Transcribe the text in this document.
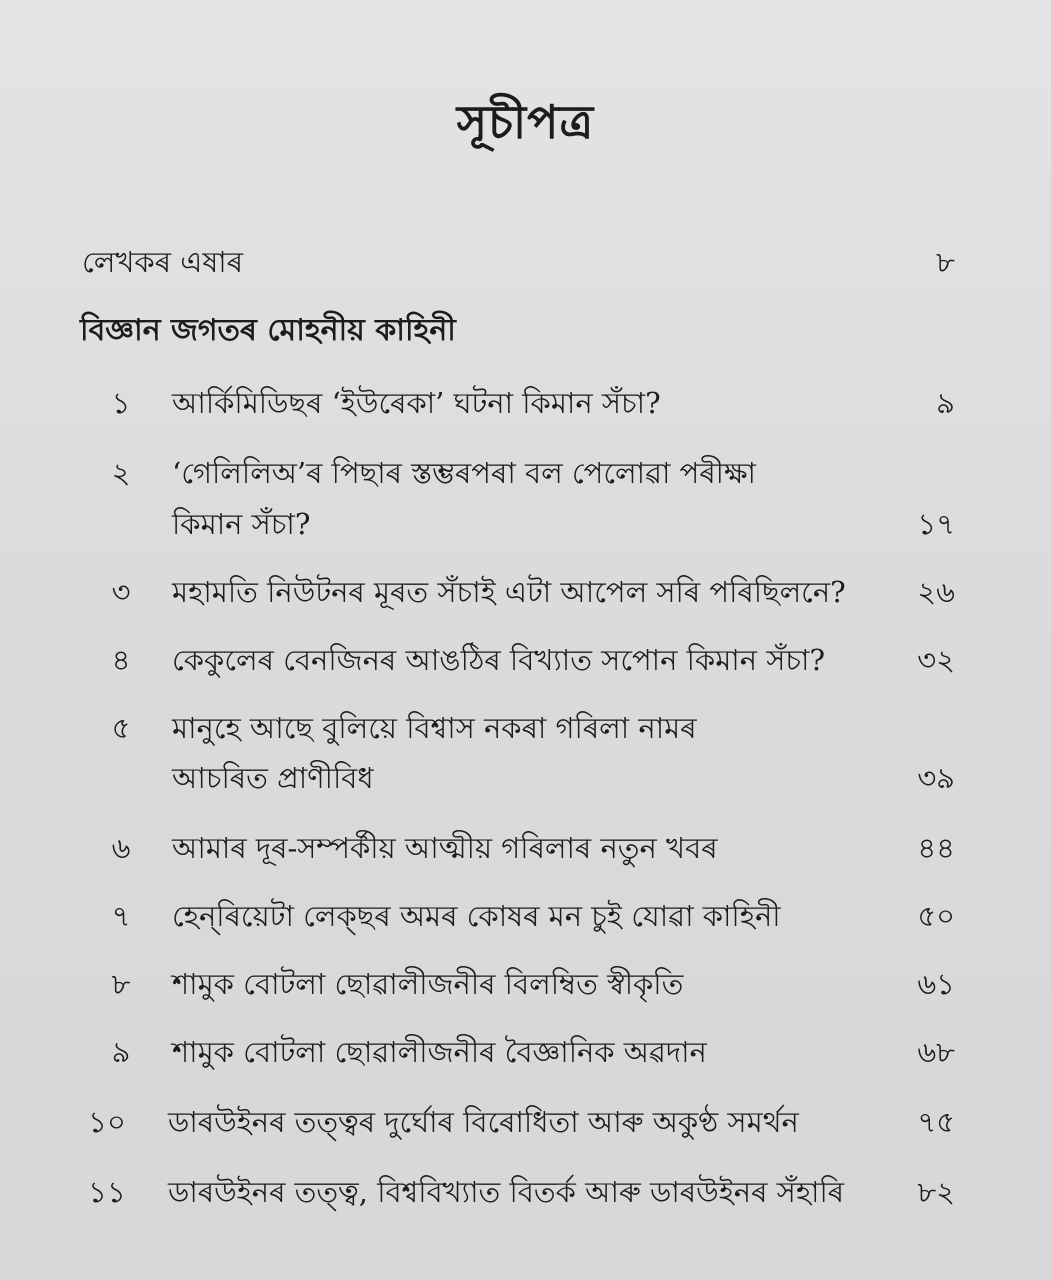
সূচীপত্ৰ
লেখকৰ এষাৰ	৮
বিজ্ঞান জগতৰ মোহনীয় কাহিনী
১	আৰ্কিমিডিছৰ ‘ইউৰেকা’ ঘটনা কিমান সঁচা?	৯
২	‘গেলিলিঅ’ৰ পিছাৰ স্তম্ভৰপৰা বল পেলোৱা পৰীক্ষা
কিমান সঁচা?	১৭
৩	মহামতি নিউটনৰ মূৰত সঁচাই এটা আপেল সৰি পৰিছিলনে? ২৬
৪	কেকুলেৰ বেনজিনৰ আঙঠিৰ বিখ্যাত সপোন কিমান সঁচা?	৩২
৫	মানুহে আছে বুলিয়ে বিশ্বাস নকৰা গৰিলা নামৰ
আচৰিত প্ৰাণীবিধ	৩৯
৬	আমাৰ দূৰ-সম্পৰ্কীয় আত্মীয় গৰিলাৰ নতুন খবৰ	৪৪
৭	হেন্‌ৰিয়েটা লেক্‌ছৰ অমৰ কোষৰ মন চুই যোৱা কাহিনী	৫০
৮	শামুক বোটলা ছোৱালীজনীৰ বিলম্বিত স্বীকৃতি	৬১
৯	শামুক বোটলা ছোৱালীজনীৰ বৈজ্ঞানিক অৱদান	৬৮
১০ ডাৰউইনৰ তত্ত্বৰ দুৰ্ঘোৰ বিৰোধিতা আৰু অকুণ্ঠ সমৰ্থন	৭৫
১১ ডাৰউইনৰ তত্ত্ব, বিশ্ববিখ্যাত বিতৰ্ক আৰু ডাৰউইনৰ সঁহাৰি	৮২
